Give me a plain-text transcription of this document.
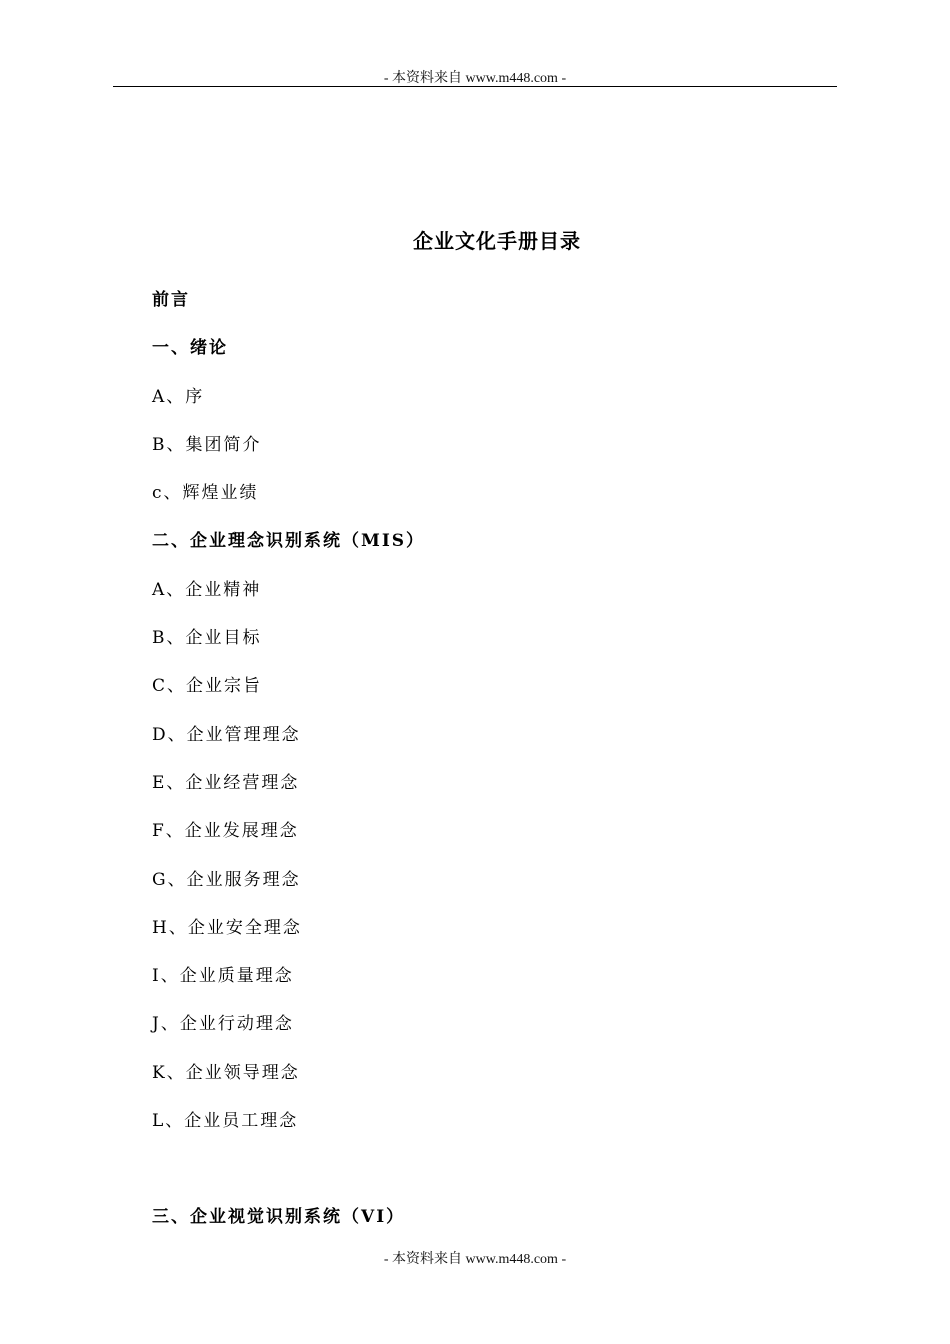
- 本资料来自 www.m448.com -
企业文化手册目录
前言
一、绪论
A、序
B、集团简介
c、辉煌业绩
二、企业理念识别系统（MIS）
A、企业精神
B、企业目标
C、企业宗旨
D、企业管理理念
E、企业经营理念
F、企业发展理念
G、企业服务理念
H、企业安全理念
I、企业质量理念
J、企业行动理念
K、企业领导理念
L、企业员工理念
三、企业视觉识别系统（VI）
- 本资料来自 www.m448.com -
